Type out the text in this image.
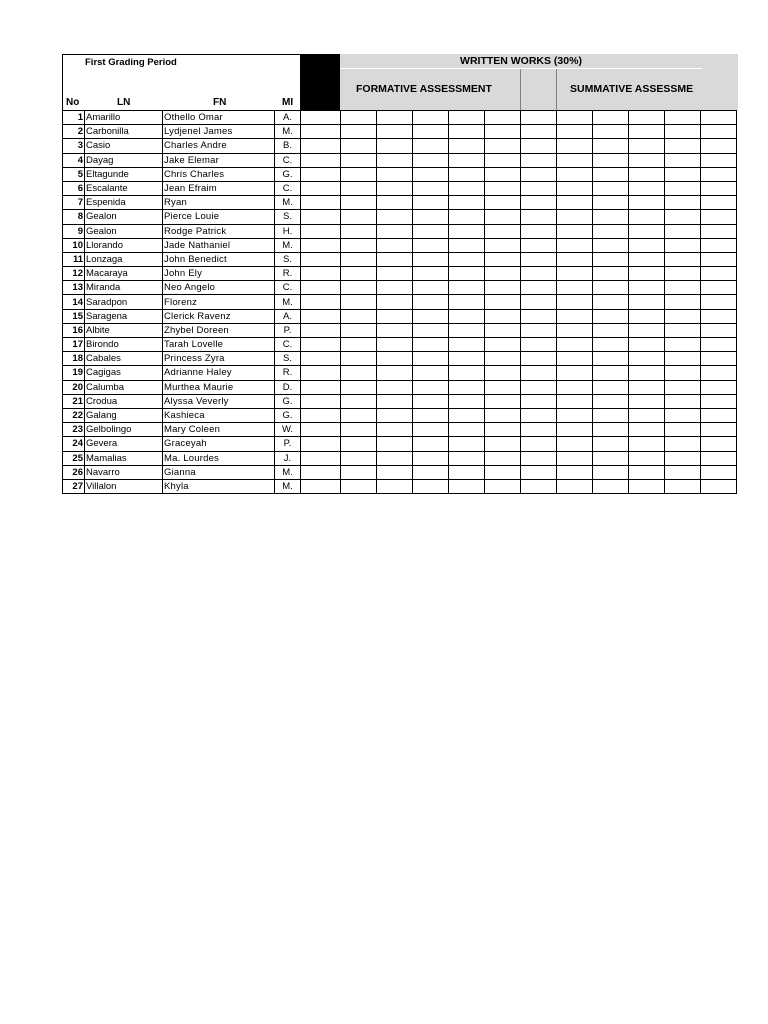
First Grading Period
No	LN	FN	MI
WRITTEN WORKS (30%)
FORMATIVE ASSESSMENT	SUMMATIVE ASSESSME
1	Amarillo	Othello Omar	A.												
2	Carbonilla	Lydjenel James	M.												
3	Casio	Charles Andre	B.												
4	Dayag	Jake Elemar	C.												
5	Eltagunde	Chris Charles	G.												
6	Escalante	Jean Efraim	C.												
7	Espenida	Ryan	M.												
8	Gealon	Pierce Louie	S.												
9	Gealon	Rodge Patrick	H.												
10	Llorando	Jade Nathaniel	M.												
11	Lonzaga	John Benedict	S.												
12	Macaraya	John Ely	R.												
13	Miranda	Neo Angelo	C.												
14	Saradpon	Florenz	M.												
15	Saragena	Clerick Ravenz	A.												
16	Albite	Zhybel Doreen	P.												
17	Birondo	Tarah Lovelle	C.												
18	Cabales	Princess Zyra	S.												
19	Cagigas	Adrianne Haley	R.												
20	Calumba	Murthea Maurie	D.												
21	Crodua	Alyssa Veverly	G.												
22	Galang	Kashieca	G.												
23	Gelbolingo	Mary Coleen	W.												
24	Gevera	Graceyah	P.												
25	Mamalias	Ma. Lourdes	J.												
26	Navarro	Gianna	M.												
27	Villalon	Khyla	M.												
